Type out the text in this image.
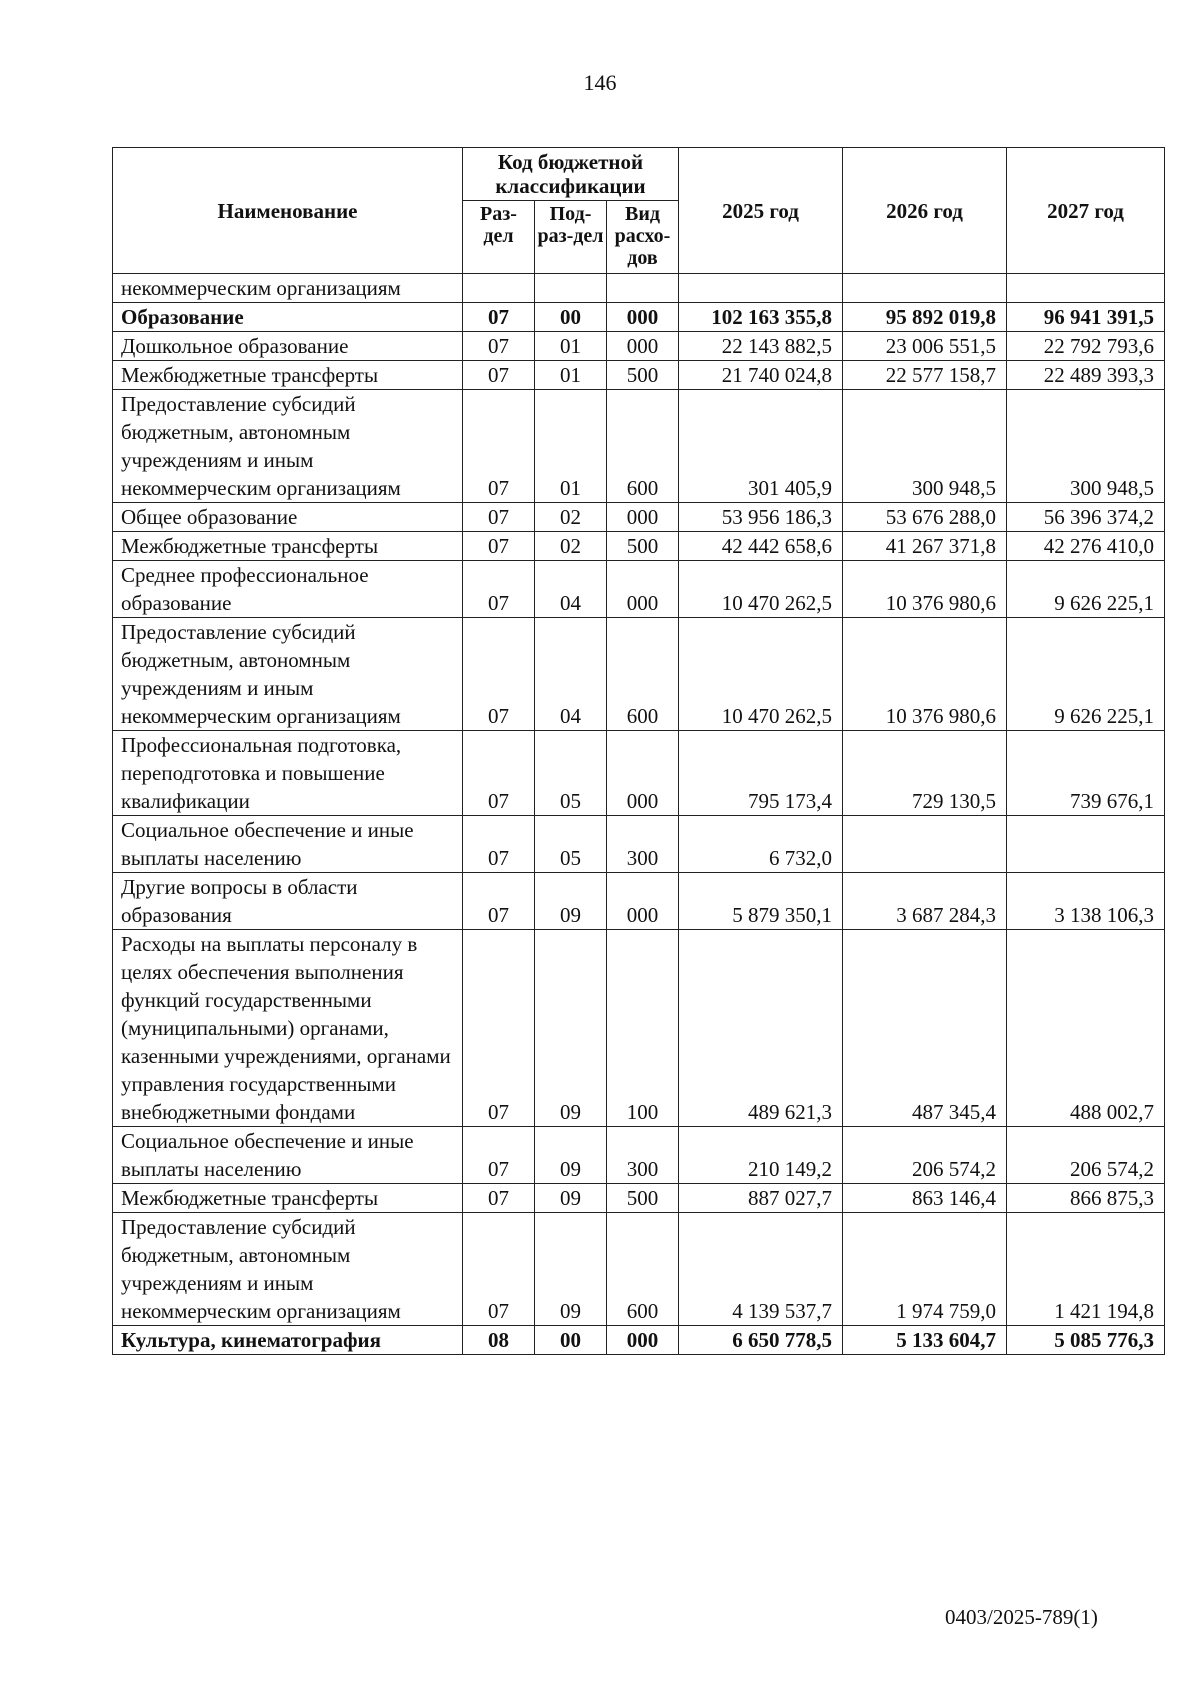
146
Наименование	Код бюджетной классификации			2025 год	2026 год	2027 год
	Раз-дел	Под-раз-дел	Вид расхо-дов			
некоммерческим организациям						
Образование	07	00	000	102 163 355,8	95 892 019,8	96 941 391,5
Дошкольное образование	07	01	000	22 143 882,5	23 006 551,5	22 792 793,6
Межбюджетные трансферты	07	01	500	21 740 024,8	22 577 158,7	22 489 393,3
Предоставление субсидий бюджетным, автономным учреждениям и иным некоммерческим организациям	07	01	600	301 405,9	300 948,5	300 948,5
Общее образование	07	02	000	53 956 186,3	53 676 288,0	56 396 374,2
Межбюджетные трансферты	07	02	500	42 442 658,6	41 267 371,8	42 276 410,0
Среднее профессиональное образование	07	04	000	10 470 262,5	10 376 980,6	9 626 225,1
Предоставление субсидий бюджетным, автономным учреждениям и иным некоммерческим организациям	07	04	600	10 470 262,5	10 376 980,6	9 626 225,1
Профессиональная подготовка, переподготовка и повышение квалификации	07	05	000	795 173,4	729 130,5	739 676,1
Социальное обеспечение и иные выплаты населению	07	05	300	6 732,0		
Другие вопросы в области образования	07	09	000	5 879 350,1	3 687 284,3	3 138 106,3
Расходы на выплаты персоналу в целях обеспечения выполнения функций государственными (муниципальными) органами, казенными учреждениями, органами управления государственными внебюджетными фондами	07	09	100	489 621,3	487 345,4	488 002,7
Социальное обеспечение и иные выплаты населению	07	09	300	210 149,2	206 574,2	206 574,2
Межбюджетные трансферты	07	09	500	887 027,7	863 146,4	866 875,3
Предоставление субсидий бюджетным, автономным учреждениям и иным некоммерческим организациям	07	09	600	4 139 537,7	1 974 759,0	1 421 194,8
Культура, кинематография	08	00	000	6 650 778,5	5 133 604,7	5 085 776,3
0403/2025-789(1)
